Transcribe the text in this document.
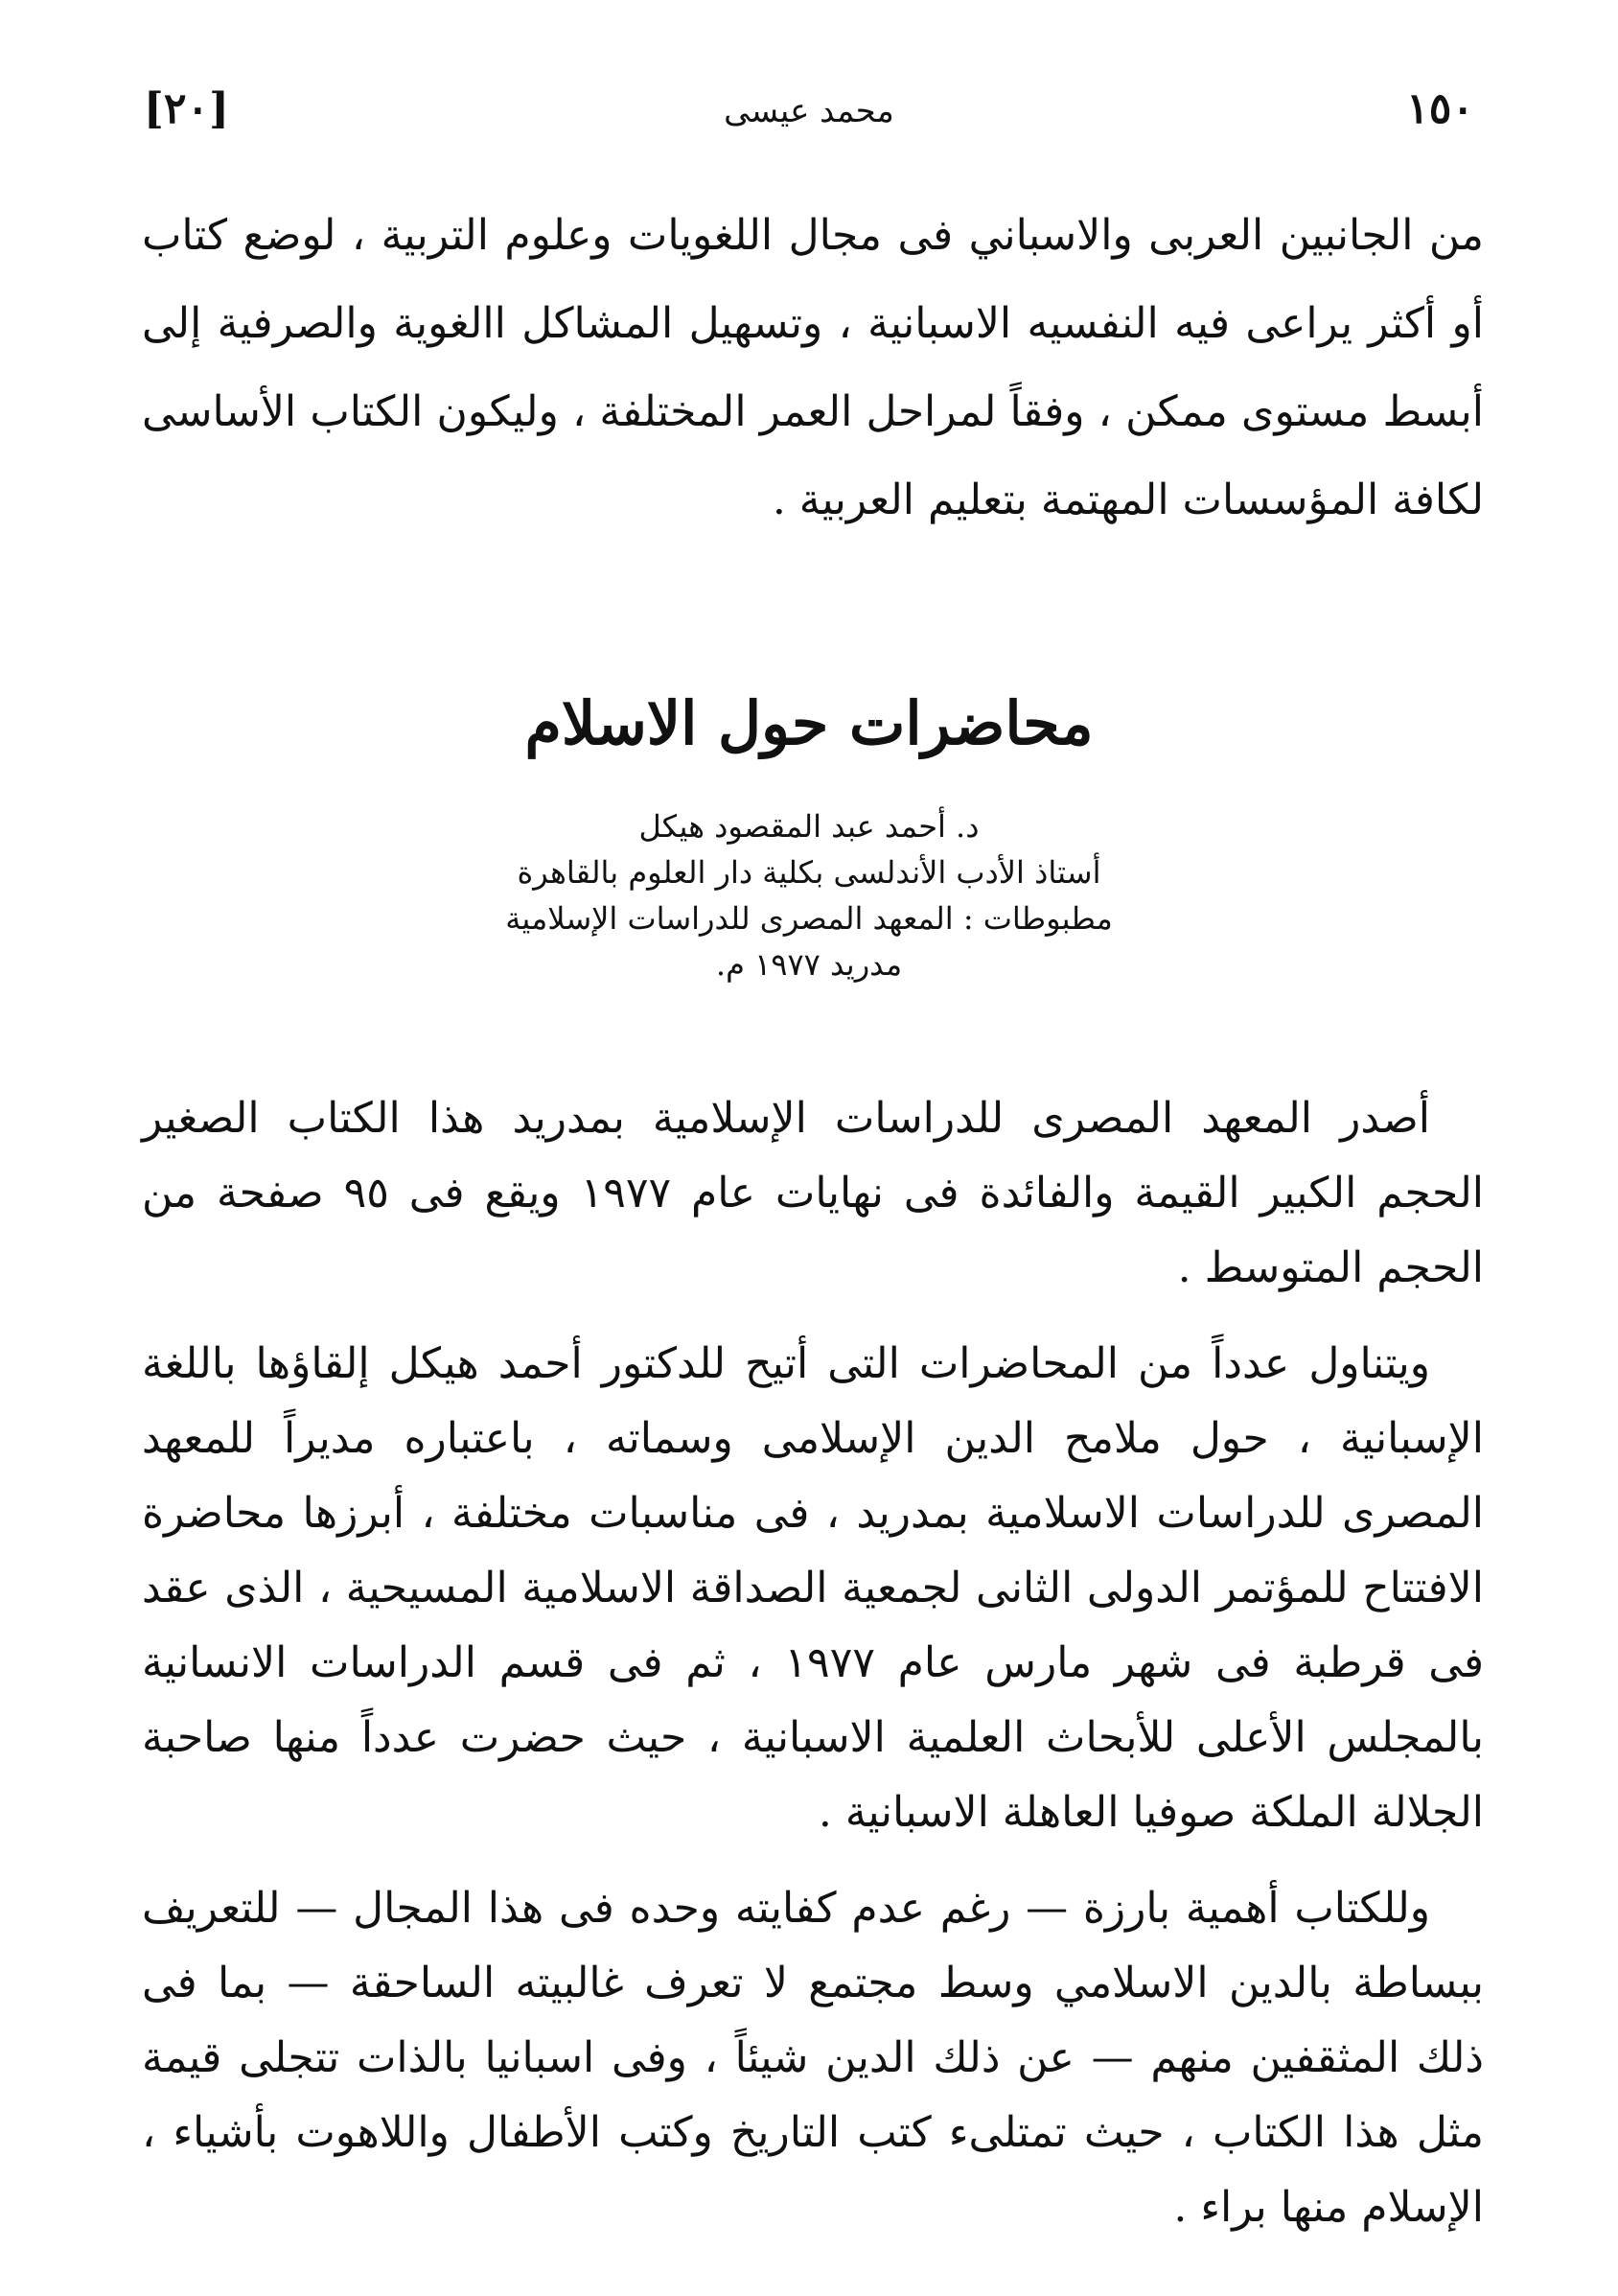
١٥٠
محمد عيسى
[٢٠]
من الجانبين العربى والاسباني فى مجال اللغويات وعلوم التربية ، لوضع كتاب أو أكثر يراعى فيه النفسيه الاسبانية ، وتسهيل المشاكل االغوية والصرفية إلى أبسط مستوى ممكن ، وفقاً لمراحل العمر المختلفة ، وليكون الكتاب الأساسى لكافة المؤسسات المهتمة بتعليم العربية .
محاضرات حول الاسلام
د. أحمد عبد المقصود هيكل
أستاذ الأدب الأندلسى بكلية دار العلوم بالقاهرة
مطبوطات : المعهد المصرى للدراسات الإسلامية
مدريد ١٩٧٧ م.

أصدر المعهد المصرى للدراسات الإسلامية بمدريد هذا الكتاب الصغير الحجم الكبير القيمة والفائدة فى نهايات عام ١٩٧٧ ويقع فى ٩٥ صفحة من الحجم المتوسط .

ويتناول عدداً من المحاضرات التى أتيح للدكتور أحمد هيكل إلقاؤها باللغة الإسبانية ، حول ملامح الدين الإسلامى وسماته ، باعتباره مديراً للمعهد المصرى للدراسات الاسلامية بمدريد ، فى مناسبات مختلفة ، أبرزها محاضرة الافتتاح للمؤتمر الدولى الثانى لجمعية الصداقة الاسلامية المسيحية ، الذى عقد فى قرطبة فى شهر مارس عام ١٩٧٧ ، ثم فى قسم الدراسات الانسانية بالمجلس الأعلى للأبحاث العلمية الاسبانية ، حيث حضرت عدداً منها صاحبة الجلالة الملكة صوفيا العاهلة الاسبانية .

وللكتاب أهمية بارزة — رغم عدم كفايته وحده فى هذا المجال — للتعريف ببساطة بالدين الاسلامي وسط مجتمع لا تعرف غالبيته الساحقة — بما فى ذلك المثقفين منهم — عن ذلك الدين شيئاً ، وفى اسبانيا بالذات تتجلى قيمة مثل هذا الكتاب ، حيث تمتلىء كتب التاريخ وكتب الأطفال واللاهوت بأشياء ، الإسلام منها براء .
